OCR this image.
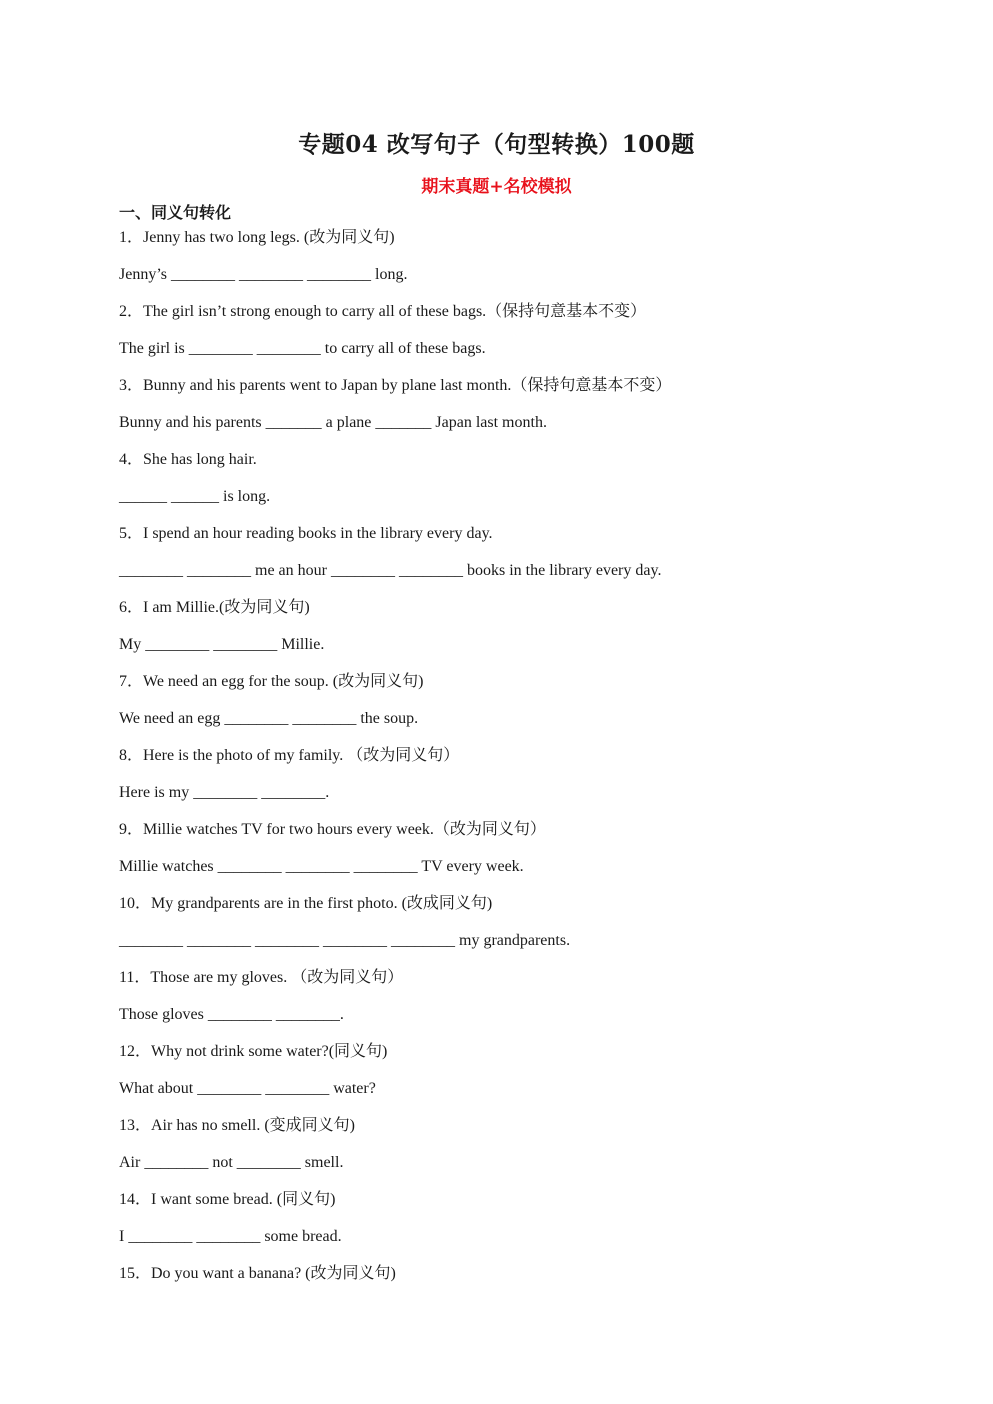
专题04 改写句子（句型转换）100题
期末真题+名校模拟
一、同义句转化
1．Jenny has two long legs. (改为同义句)
Jenny’s ________ ________ ________ long.
2．The girl isn’t strong enough to carry all of these bags.（保持句意基本不变）
The girl is ________ ________ to carry all of these bags.
3．Bunny and his parents went to Japan by plane last month.（保持句意基本不变）
Bunny and his parents _______ a plane _______ Japan last month.
4．She has long hair.
______ ______ is long.
5．I spend an hour reading books in the library every day.
________ ________ me an hour ________ ________ books in the library every day.
6．I am Millie.(改为同义句)
My ________ ________ Millie.
7．We need an egg for the soup. (改为同义句)
We need an egg ________ ________ the soup.
8．Here is the photo of my family. （改为同义句）
Here is my ________ ________.
9．Millie watches TV for two hours every week.（改为同义句）
Millie watches ________ ________ ________ TV every week.
10．My grandparents are in the first photo. (改成同义句)
________ ________ ________ ________ ________ my grandparents.
11．Those are my gloves. （改为同义句）
Those gloves ________ ________.
12．Why not drink some water?(同义句)
What about ________ ________ water?
13．Air has no smell. (变成同义句)
Air ________ not ________ smell.
14．I want some bread. (同义句)
I ________ ________ some bread.
15．Do you want a banana? (改为同义句)
